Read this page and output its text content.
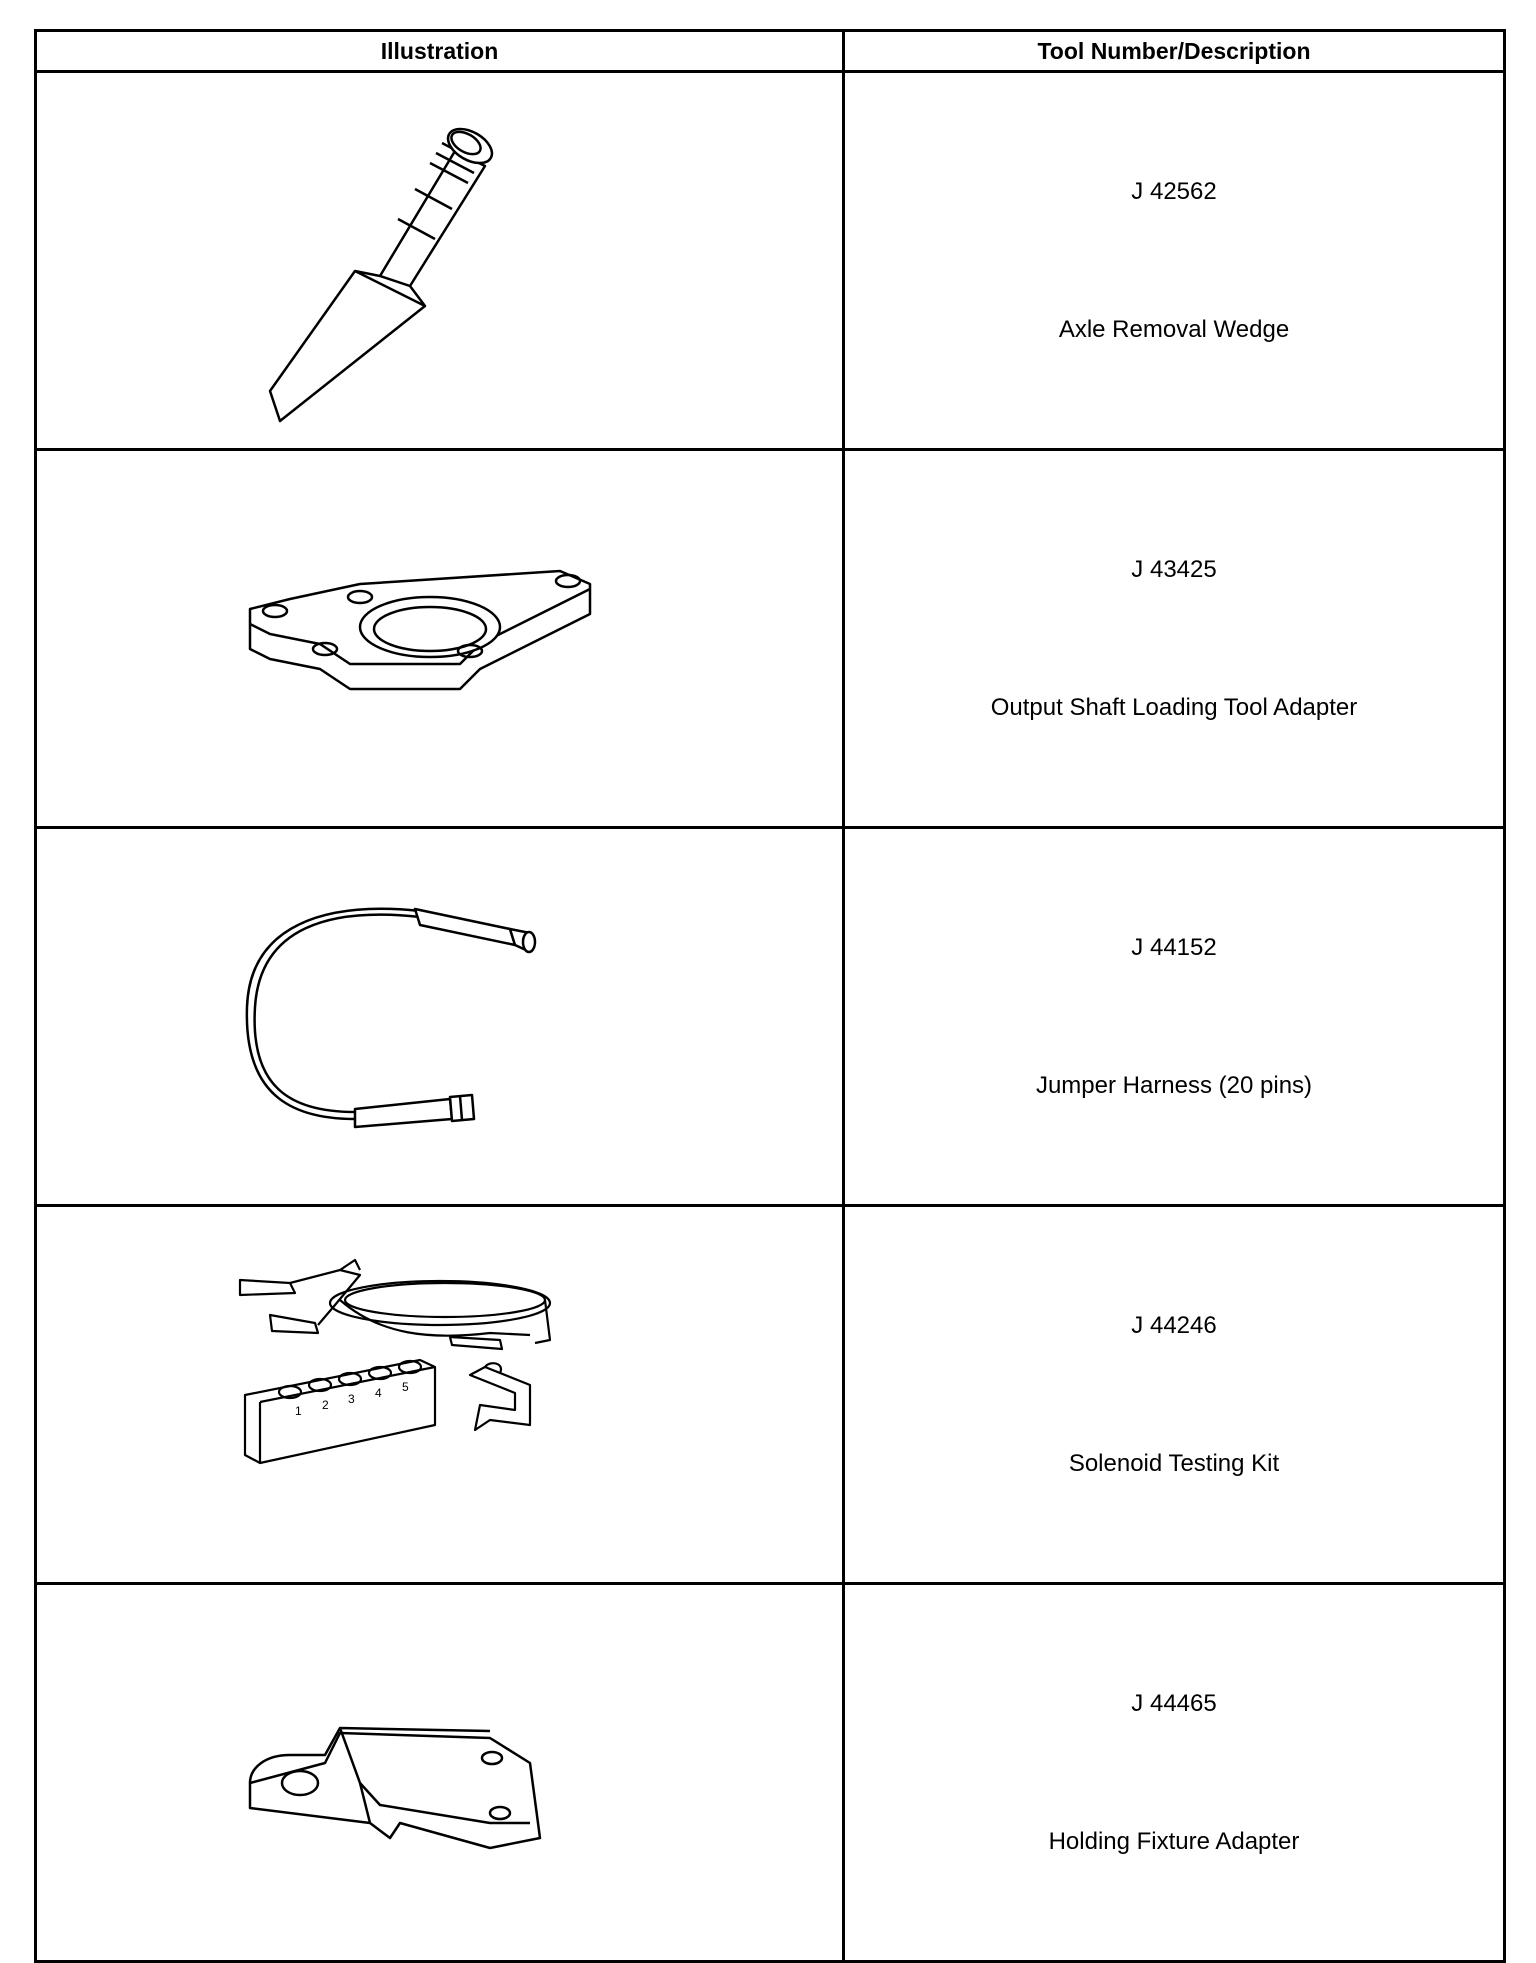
Illustration	Tool Number/Description

J 42562
Axle Removal Wedge

J 43425
Output Shaft Loading Tool Adapter

J 44152
Jumper Harness (20 pins)

1 2 3 4 5	J 44246
Solenoid Testing Kit

J 44465
Holding Fixture Adapter
